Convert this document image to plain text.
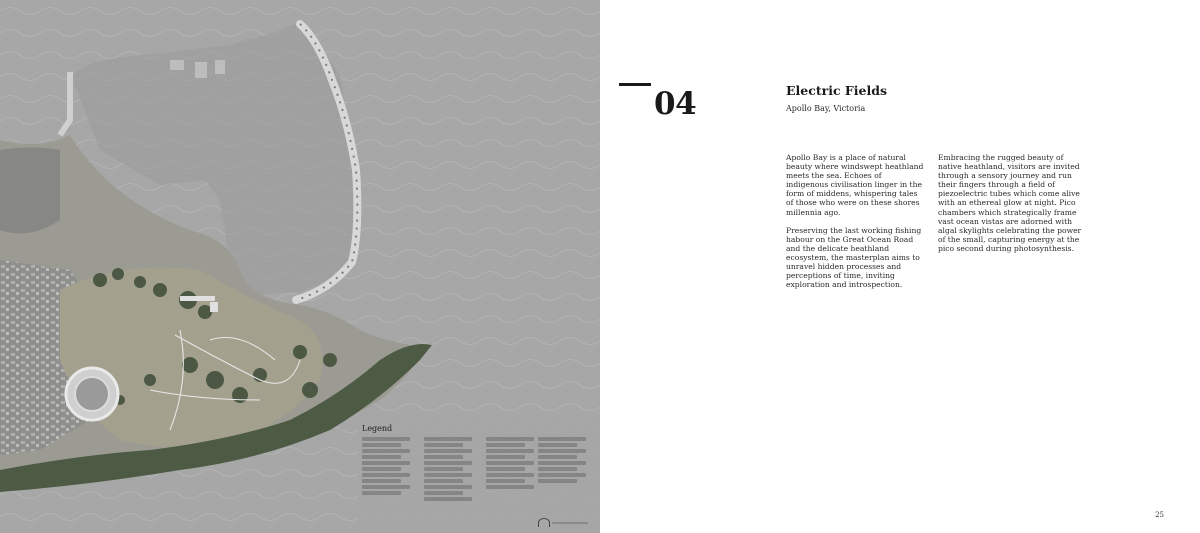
Legend
04	Electric Fields
Apollo Bay, Victoria

Apollo Bay is a place of natural beauty where windswept heathland meets the sea. Echoes of indigenous civilisation linger in the form of middens, whispering tales of those who were on these shores millennia ago.

Preserving the last working fishing habour on the Great Ocean Road and the delicate heathland ecosystem, the masterplan aims to unravel hidden processes and perceptions of time, inviting exploration and introspection.

Embracing the rugged beauty of native heathland, visitors are invited through a sensory journey and run their fingers through a field of piezoelectric tubes which come alive with an ethereal glow at night. Pico chambers which strategically frame vast ocean vistas are adorned with algal skylights celebrating the power of the small, capturing energy at the pico second during photosynthesis.

25
